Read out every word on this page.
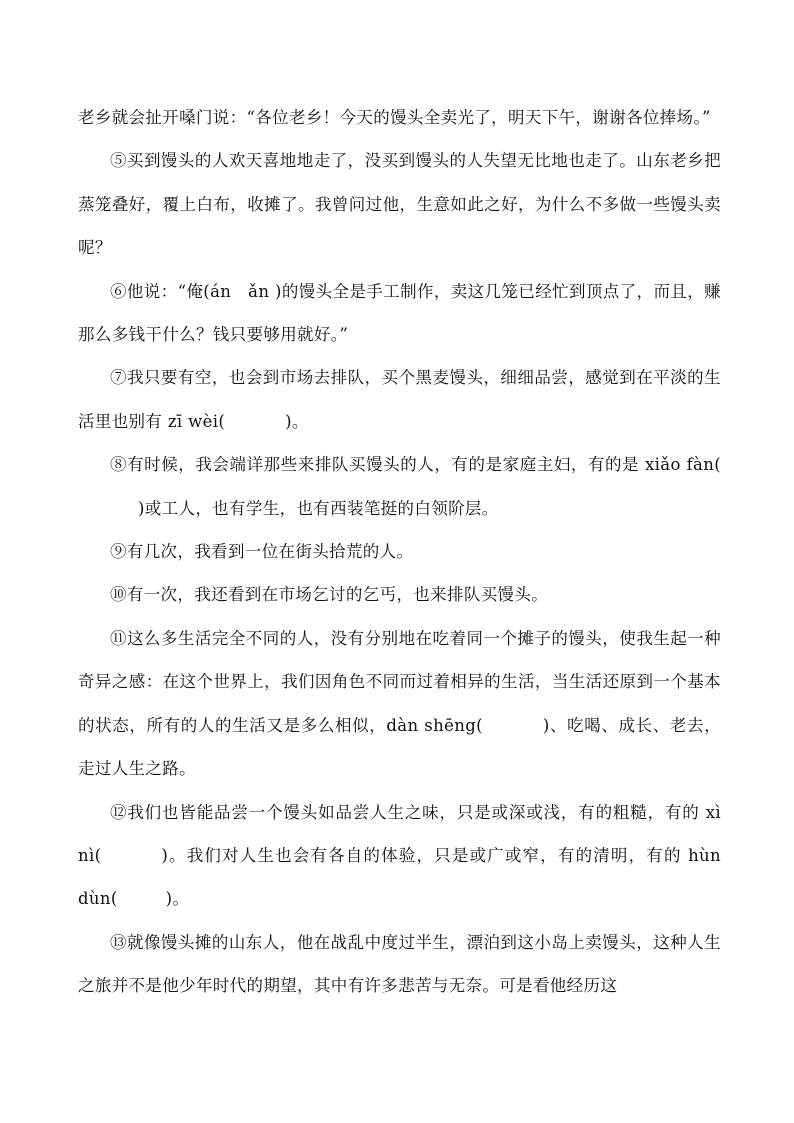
老乡就会扯开嗓门说：“各位老乡！今天的馒头全卖光了，明天下午，谢谢各位捧场。”

⑤买到馒头的人欢天喜地地走了，没买到馒头的人失望无比地也走了。山东老乡把蒸笼叠好，覆上白布，收摊了。我曾问过他，生意如此之好，为什么不多做一些馒头卖呢？

⑥他说：“俺(án　ǎn )的馒头全是手工制作，卖这几笼已经忙到顶点了，而且，赚那么多钱干什么？钱只要够用就好。”

⑦我只要有空，也会到市场去排队，买个黑麦馒头，细细品尝，感觉到在平淡的生活里也别有 zī wèi(	)。

⑧有时候，我会端详那些来排队买馒头的人，有的是家庭主妇，有的是 xiǎo fàn()或工人，也有学生，也有西装笔挺的白领阶层。

⑨有几次，我看到一位在街头拾荒的人。

⑩有一次，我还看到在市场乞讨的乞丐，也来排队买馒头。

⑪这么多生活完全不同的人，没有分别地在吃着同一个摊子的馒头，使我生起一种奇异之感：在这个世界上，我们因角色不同而过着相异的生活，当生活还原到一个基本的状态，所有的人的生活又是多么相似，dàn shēng(	)、吃喝、成长、老去，走过人生之路。

⑫我们也皆能品尝一个馒头如品尝人生之味，只是或深或浅，有的粗糙，有的 xì nì(	)。我们对人生也会有各自的体验，只是或广或窄，有的清明，有的 hùn dùn(	)。

⑬就像馒头摊的山东人，他在战乱中度过半生，漂泊到这小岛上卖馒头，这种人生之旅并不是他少年时代的期望，其中有许多悲苦与无奈。可是看他经历这
